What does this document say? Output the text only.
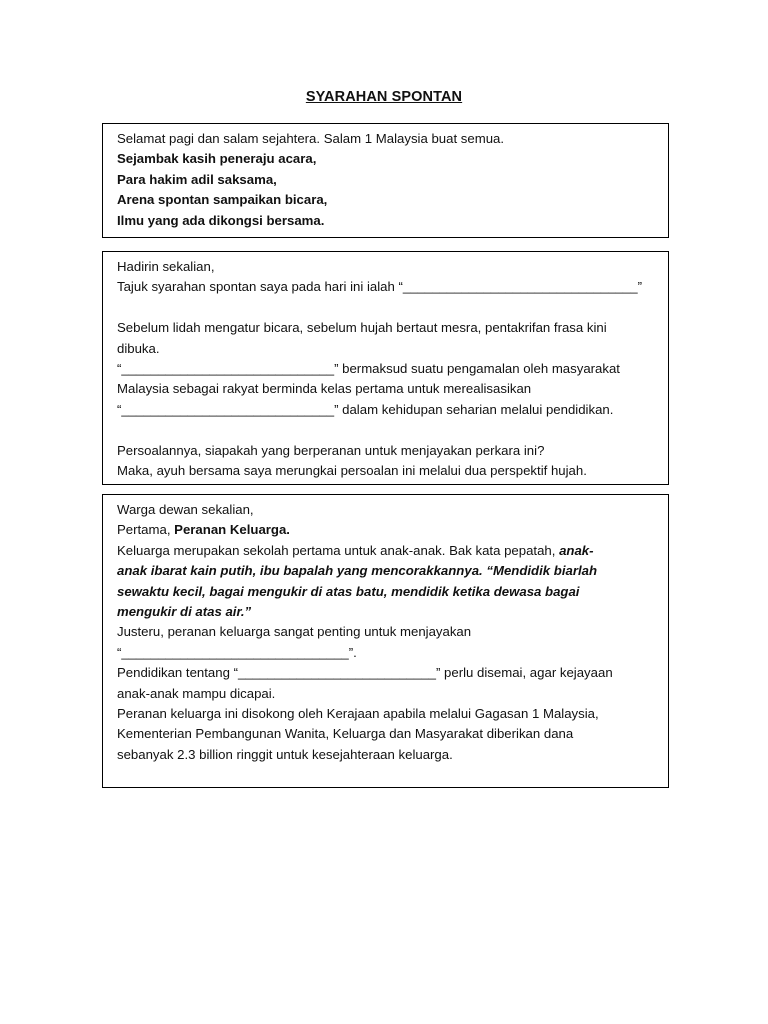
SYARAHAN SPONTAN
Selamat pagi dan salam sejahtera. Salam 1 Malaysia buat semua.
Sejambak kasih peneraju acara,
Para hakim adil saksama,
Arena spontan sampaikan bicara,
Ilmu yang ada dikongsi bersama.
Hadirin sekalian,
Tajuk syarahan spontan saya pada hari ini ialah “________________________________”
Sebelum lidah mengatur bicara, sebelum hujah bertaut mesra, pentakrifan frasa kini
dibuka.
“_____________________________” bermaksud suatu pengamalan oleh masyarakat
Malaysia sebagai rakyat berminda kelas pertama untuk merealisasikan
“_____________________________” dalam kehidupan seharian melalui pendidikan.
Persoalannya, siapakah yang berperanan untuk menjayakan perkara ini?
Maka, ayuh bersama saya merungkai persoalan ini melalui dua perspektif hujah.
Warga dewan sekalian,
Pertama, Peranan Keluarga.
Keluarga merupakan sekolah pertama untuk anak-anak. Bak kata pepatah, anak-
anak ibarat kain putih, ibu bapalah yang mencorakkannya. “Mendidik biarlah
sewaktu kecil, bagai mengukir di atas batu, mendidik ketika dewasa bagai
mengukir di atas air.”
Justeru, peranan keluarga sangat penting untuk menjayakan
“_______________________________”.
Pendidikan tentang “___________________________” perlu disemai, agar kejayaan
anak-anak mampu dicapai.
Peranan keluarga ini disokong oleh Kerajaan apabila melalui Gagasan 1 Malaysia,
Kementerian Pembangunan Wanita, Keluarga dan Masyarakat diberikan dana
sebanyak 2.3 billion ringgit untuk kesejahteraan keluarga.
